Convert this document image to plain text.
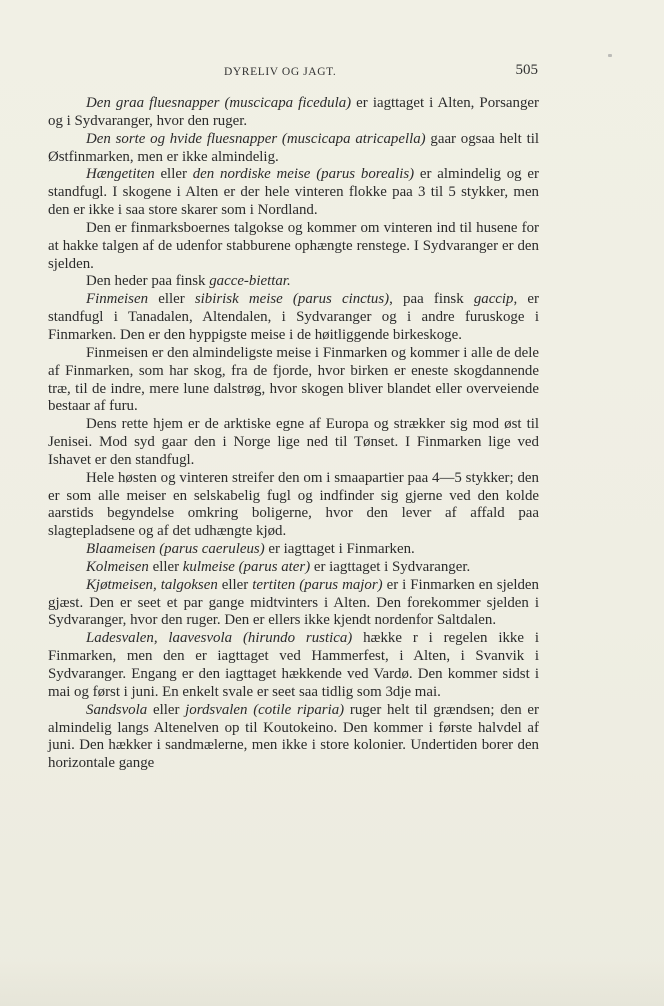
DYRELIV OG JAGT.	505

Den graa fluesnapper (muscicapa ficedula) er iagttaget i Alten, Porsanger og i Sydvaranger, hvor den ruger.

Den sorte og hvide fluesnapper (muscicapa atricapella) gaar ogsaa helt til Østfinmarken, men er ikke almindelig.

Hængetiten eller den nordiske meise (parus borealis) er almindelig og er standfugl. I skogene i Alten er der hele vinteren flokke paa 3 til 5 stykker, men den er ikke i saa store skarer som i Nordland.

Den er finmarksboernes talgokse og kommer om vinteren ind til husene for at hakke talgen af de udenfor stabburene ophængte renstege. I Sydvaranger er den sjelden.

Den heder paa finsk gacce-biettar.

Finmeisen eller sibirisk meise (parus cinctus), paa finsk gaccip, er standfugl i Tanadalen, Altendalen, i Sydvaranger og i andre furuskoge i Finmarken. Den er den hyppigste meise i de høitliggende birkeskoge.

Finmeisen er den almindeligste meise i Finmarken og kommer i alle de dele af Finmarken, som har skog, fra de fjorde, hvor birken er eneste skogdannende træ, til de indre, mere lune dalstrøg, hvor skogen bliver blandet eller overveiende bestaar af furu.

Dens rette hjem er de arktiske egne af Europa og strækker sig mod øst til Jenisei. Mod syd gaar den i Norge lige ned til Tønset. I Finmarken lige ved Ishavet er den standfugl.

Hele høsten og vinteren streifer den om i smaapartier paa 4—5 stykker; den er som alle meiser en selskabelig fugl og indfinder sig gjerne ved den kolde aarstids begyndelse omkring boligerne, hvor den lever af affald paa slagtepladsene og af det udhængte kjød.

Blaameisen (parus caeruleus) er iagttaget i Finmarken.

Kolmeisen eller kulmeise (parus ater) er iagttaget i Sydvaranger.

Kjøtmeisen, talgoksen eller tertiten (parus major) er i Finmarken en sjelden gjæst. Den er seet et par gange midtvinters i Alten. Den forekommer sjelden i Sydvaranger, hvor den ruger. Den er ellers ikke kjendt nordenfor Saltdalen.

Ladesvalen, laavesvola (hirundo rustica) hække r i regelen ikke i Finmarken, men den er iagttaget ved Hammerfest, i Alten, i Svanvik i Sydvaranger. Engang er den iagttaget hækkende ved Vardø. Den kommer sidst i mai og først i juni. En enkelt svale er seet saa tidlig som 3dje mai.

Sandsvola eller jordsvalen (cotile riparia) ruger helt til grændsen; den er almindelig langs Altenelven op til Koutokeino. Den kommer i første halvdel af juni. Den hækker i sandmælerne, men ikke i store kolonier. Undertiden borer den horizontale gange
